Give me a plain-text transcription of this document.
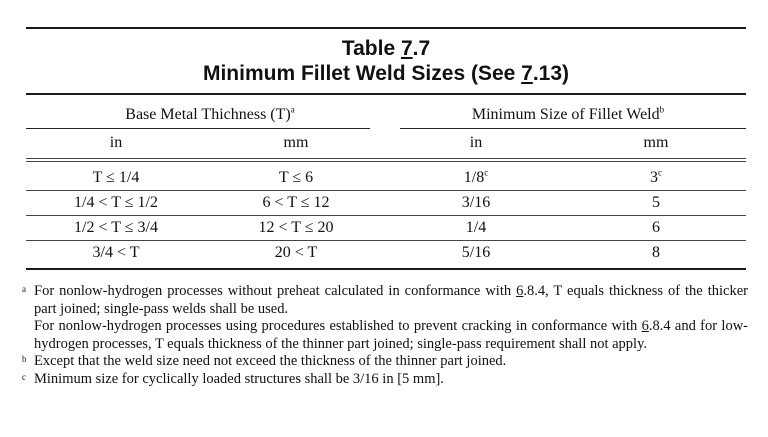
Table 7.7
Minimum Fillet Weld Sizes (See 7.13)
Base Metal Thichness $(T)^a$	Minimum Size of Fillet Weld$^b$
in	mm	in	mm
T ≤ 1/4	T ≤ 6	1/8$^c$	3$^c$
1/4 < T ≤ 1/2	6 < T ≤ 12	3/16	5
1/2 < T ≤ 3/4	12 < T ≤ 20	1/4	6
3/4 < T	20 < T	5/16	8
a For nonlow-hydrogen processes without preheat calculated in conformance with 6.8.4, T equals thickness of the thicker part joined; single-pass welds shall be used.
For nonlow-hydrogen processes using procedures established to prevent cracking in conformance with 6.8.4 and for low-hydrogen processes, T equals thickness of the thinner part joined; single-pass requirement shall not apply.
b Except that the weld size need not exceed the thickness of the thinner part joined.
c Minimum size for cyclically loaded structures shall be 3/16 in [5 mm].
